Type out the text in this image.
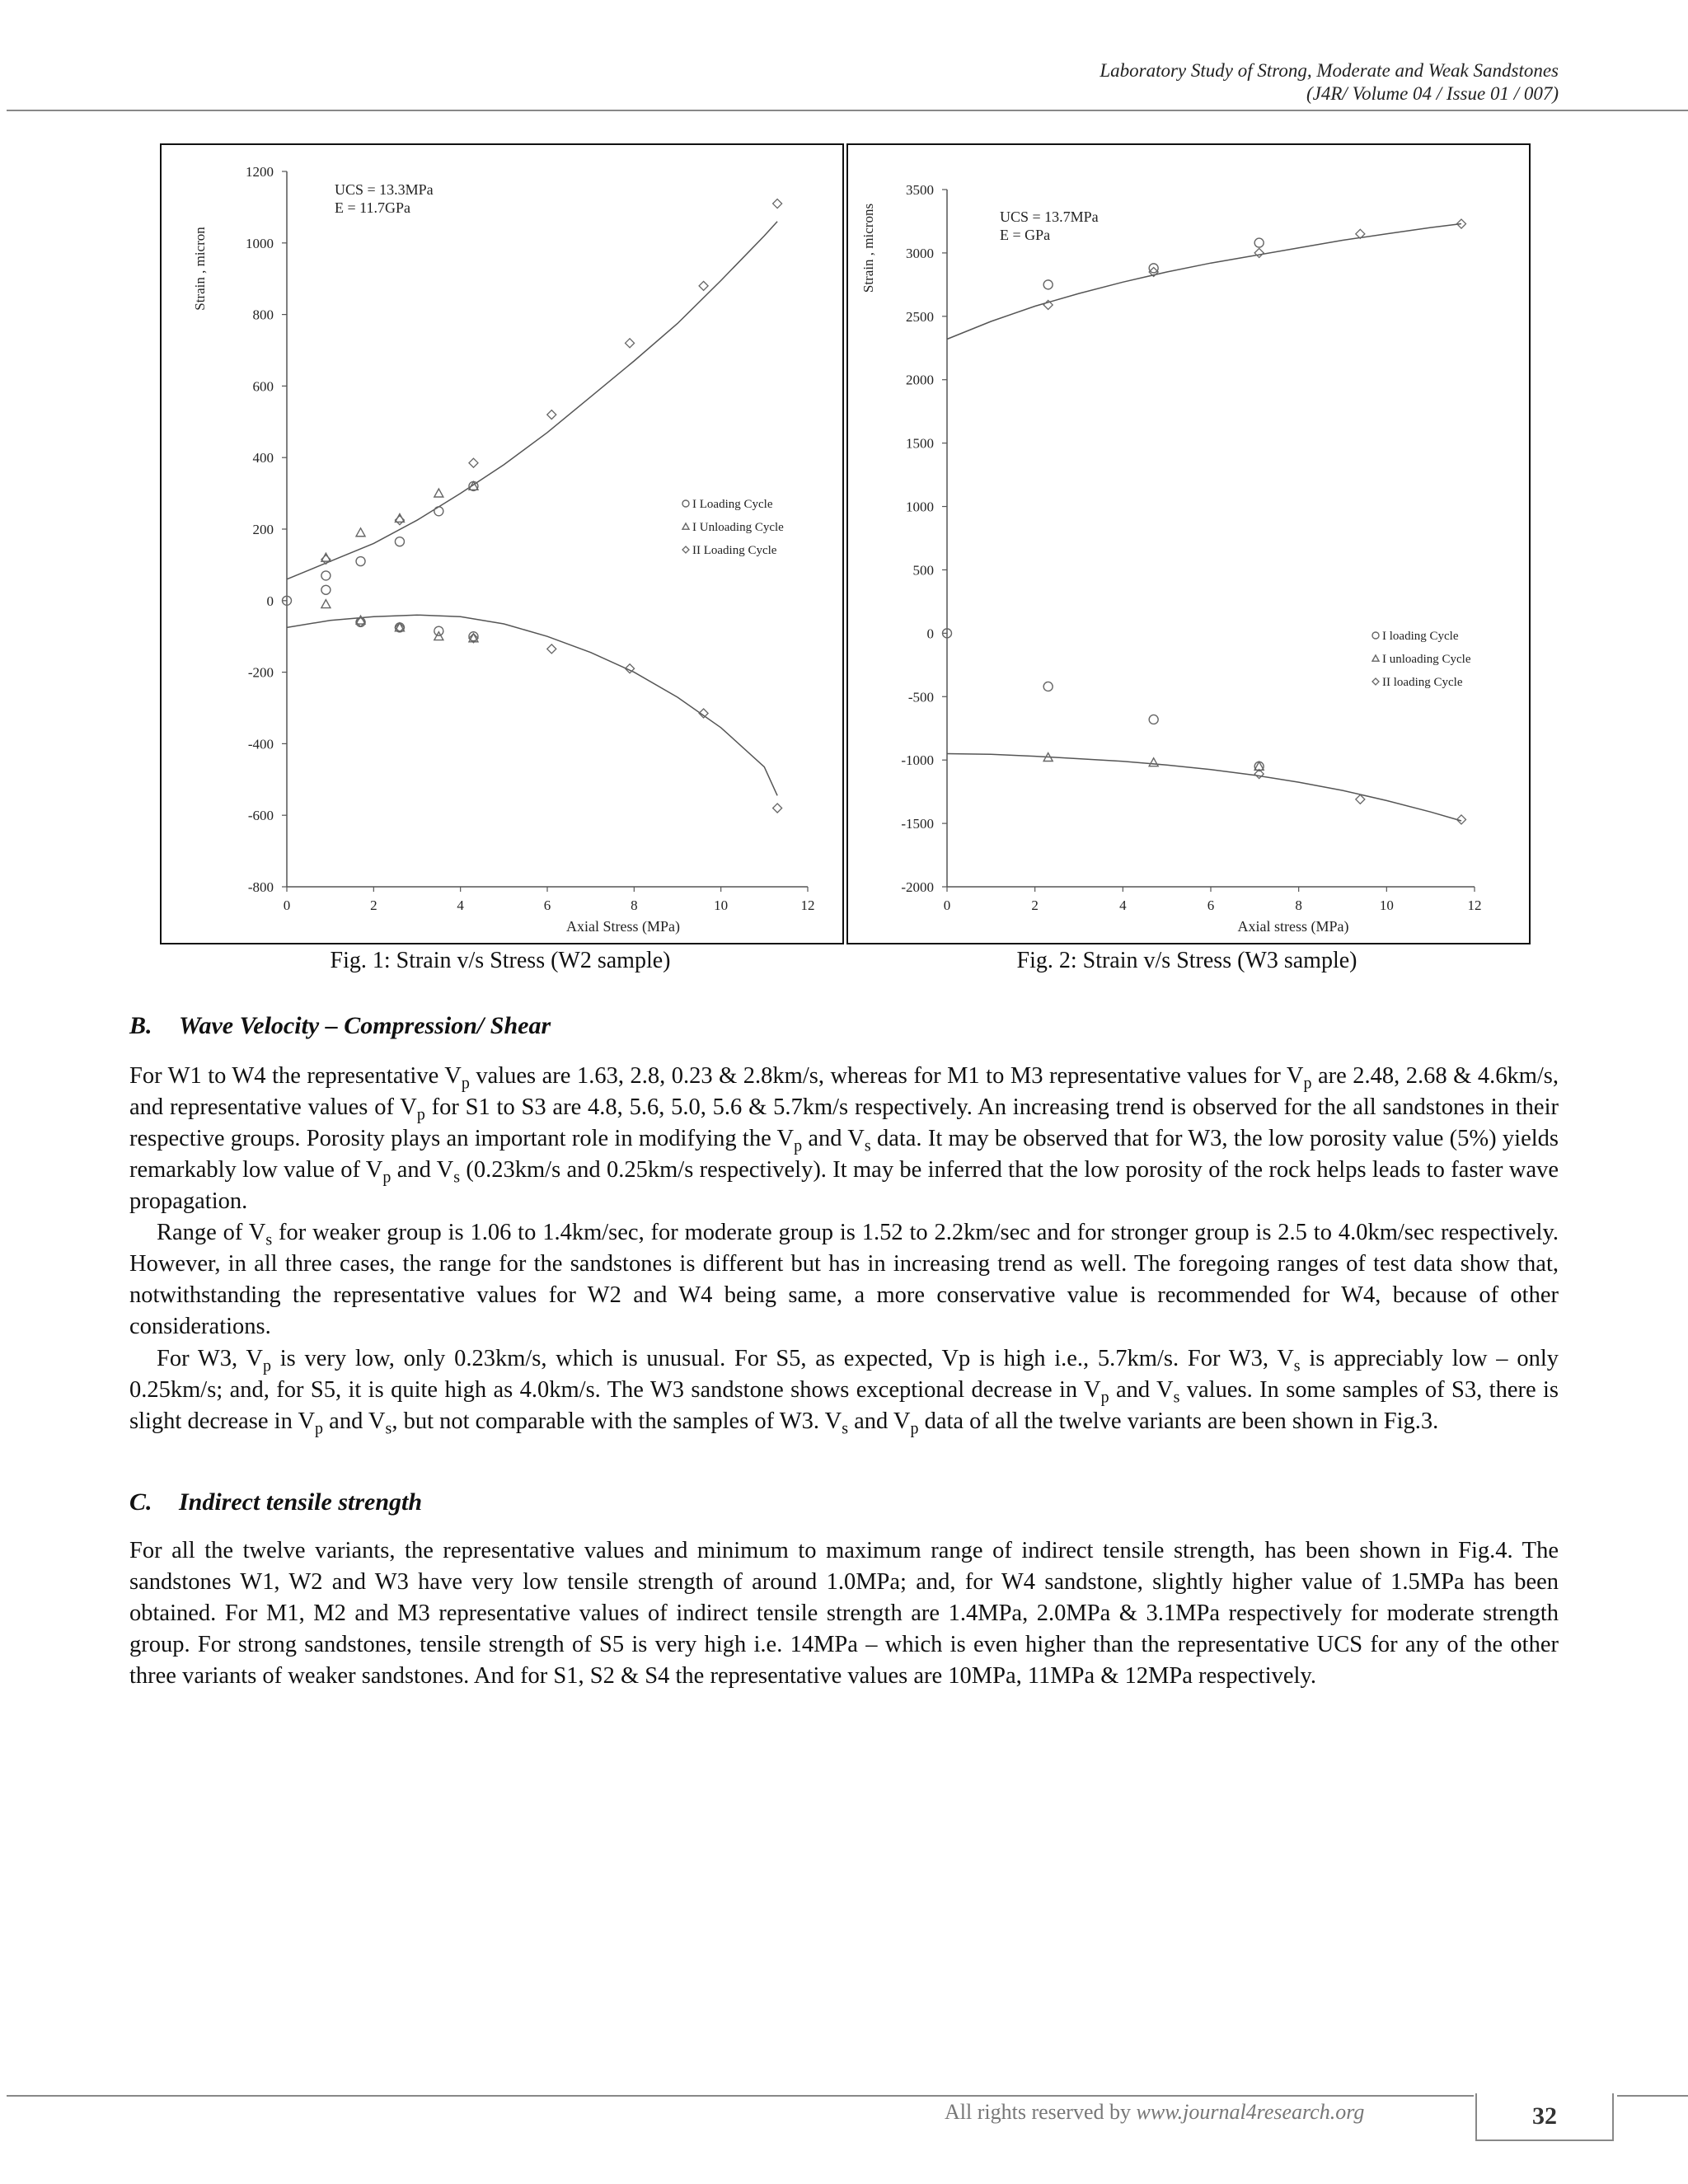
Laboratory Study of Strong, Moderate and Weak Sandstones
(J4R/ Volume 04 / Issue 01 / 007)
-800
-600
-400
-200
0
200
400
600
800
1000
1200
0	2	4	6	8	10	12
Axial Stress (MPa)
Strain , micron
UCS = 13.3MPa
E = 11.7GPa
I Loading Cycle
I Unloading Cycle
II Loading Cycle
-2000
-1500
-1000
-500
0
500
1000
1500
2000
2500
3000
3500
0	2	4	6	8	10	12
Axial stress (MPa)
Strain , microns	UCS = 13.7MPa
E = GPa
I loading Cycle
I unloading Cycle
II loading Cycle
Fig. 1: Strain v/s Stress (W2 sample)	Fig. 2: Strain v/s Stress (W3 sample)
B. Wave Velocity – Compression/ Shear

For W1 to W4 the representative $V_p$ values are 1.63, 2.8, 0.23 & 2.8km/s, whereas for M1 to M3 representative values for $V_p$ are 2.48, 2.68 & 4.6km/s, and representative values of $V_p$ for S1 to S3 are 4.8, 5.6, 5.0, 5.6 & 5.7km/s respectively. An increasing trend is observed for the all sandstones in their respective groups. Porosity plays an important role in modifying the $V_p$ and $V_s$ data. It may be observed that for W3, the low porosity value (5%) yields remarkably low value of $V_p$ and $V_s$ (0.23km/s and 0.25km/s respectively). It may be inferred that the low porosity of the rock helps leads to faster wave propagation.

Range of $V_s$ for weaker group is 1.06 to 1.4km/sec, for moderate group is 1.52 to 2.2km/sec and for stronger group is 2.5 to 4.0km/sec respectively. However, in all three cases, the range for the sandstones is different but has in increasing trend as well. The foregoing ranges of test data show that, notwithstanding the representative values for W2 and W4 being same, a more conservative value is recommended for W4, because of other considerations.

For W3, $V_p$ is very low, only 0.23km/s, which is unusual. For S5, as expected, Vp is high i.e., 5.7km/s. For W3, $V_s$ is appreciably low – only 0.25km/s; and, for S5, it is quite high as 4.0km/s. The W3 sandstone shows exceptional decrease in $V_p$ and $V_s$ values. In some samples of S3, there is slight decrease in $V_p$ and $V_s$, but not comparable with the samples of W3. $V_s$ and $V_p$ data of all the twelve variants are been shown in Fig.3.

C. Indirect tensile strength

For all the twelve variants, the representative values and minimum to maximum range of indirect tensile strength, has been shown in Fig.4. The sandstones W1, W2 and W3 have very low tensile strength of around 1.0MPa; and, for W4 sandstone, slightly higher value of 1.5MPa has been obtained. For M1, M2 and M3 representative values of indirect tensile strength are 1.4MPa, 2.0MPa & 3.1MPa respectively for moderate strength group. For strong sandstones, tensile strength of S5 is very high i.e. 14MPa – which is even higher than the representative UCS for any of the other three variants of weaker sandstones. And for S1, S2 & S4 the representative values are 10MPa, 11MPa & 12MPa respectively.

All rights reserved by www.journal4research.org	32
